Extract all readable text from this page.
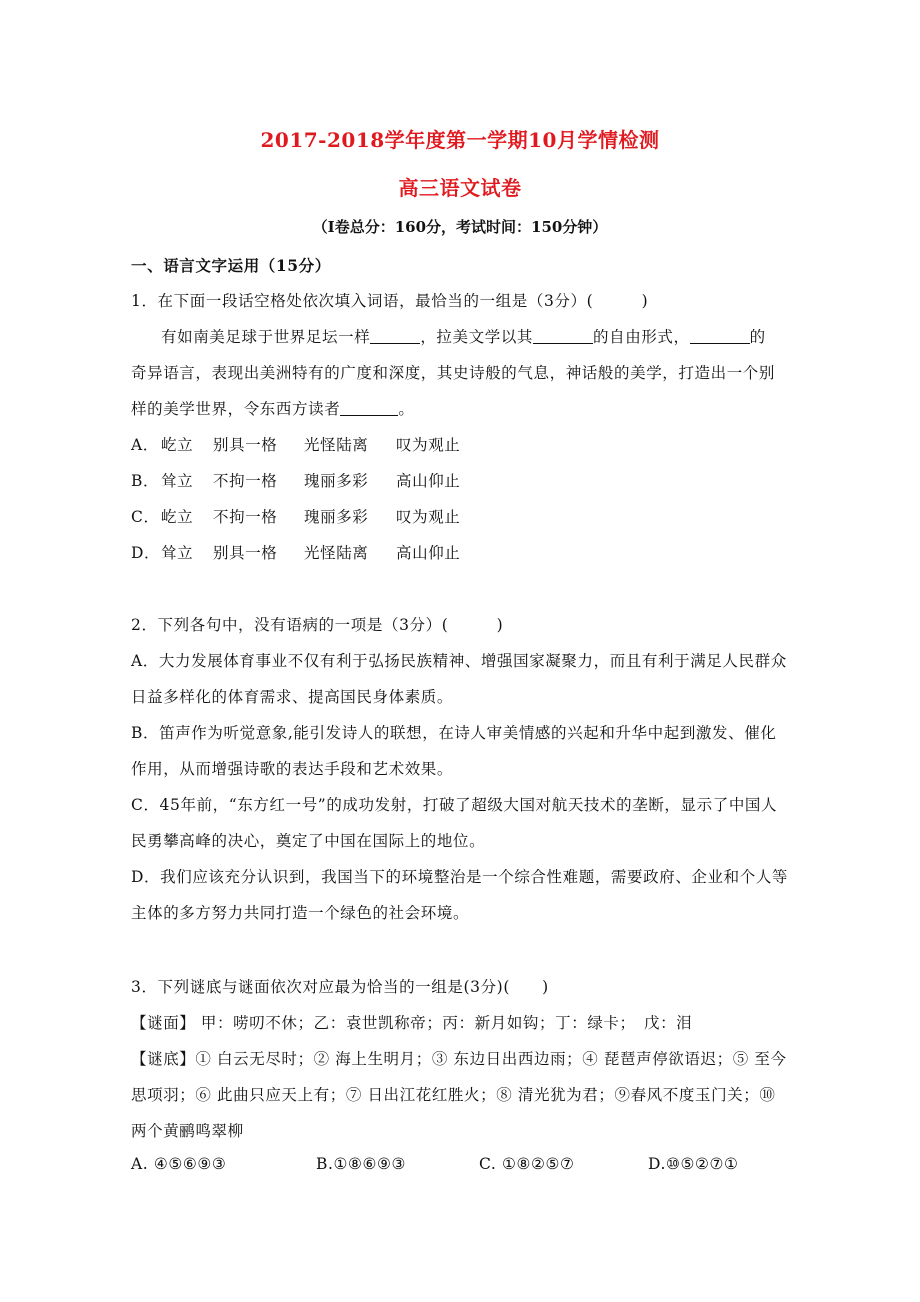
2017-2018学年度第一学期10月学情检测
高三语文试卷
（Ⅰ卷总分：160分，考试时间：150分钟）
一、语言文字运用（15分）
1．在下面一段话空格处依次填入词语，最恰当的一组是（3分）(　　　)
有如南美足球于世界足坛一样	，拉美文学以其	的自由形式，	的
奇异语言，表现出美洲特有的广度和深度，其史诗般的气息，神话般的美学，打造出一个别
样的美学世界，令东西方读者	。
A． 屹立 别具一格 光怪陆离 叹为观止
B． 耸立 不拘一格 瑰丽多彩 高山仰止
C．屹立 不拘一格 瑰丽多彩 叹为观止
D．耸立 别具一格 光怪陆离 高山仰止
2．下列各句中，没有语病的一项是（3分）(　　　)
A．大力发展体育事业不仅有利于弘扬民族精神、增强国家凝聚力，而且有利于满足人民群众
日益多样化的体育需求、提高国民身体素质。
B．笛声作为听觉意象,能引发诗人的联想，在诗人审美情感的兴起和升华中起到激发、催化
作用，从而增强诗歌的表达手段和艺术效果。
C．45年前，“东方红一号”的成功发射，打破了超级大国对航天技术的垄断，显示了中国人
民勇攀高峰的决心，奠定了中国在国际上的地位。
D．我们应该充分认识到，我国当下的环境整治是一个综合性难题，需要政府、企业和个人等
主体的多方努力共同打造一个绿色的社会环境。
3．下列谜底与谜面依次对应最为恰当的一组是(3分)(　　)
【谜面】 甲：唠叨不休；乙：袁世凯称帝；丙：新月如钩；丁：绿卡；　戊：泪
【谜底】① 白云无尽时；② 海上生明月；③ 东边日出西边雨；④ 琵琶声停欲语迟；⑤ 至今
思项羽；⑥ 此曲只应天上有；⑦ 日出江花红胜火；⑧ 清光犹为君；⑨春风不度玉门关；⑩
两个黄鹂鸣翠柳
A. ④⑤⑥⑨③	B.①⑧⑥⑨③	C. ①⑧②⑤⑦	D.⑩⑤②⑦①
